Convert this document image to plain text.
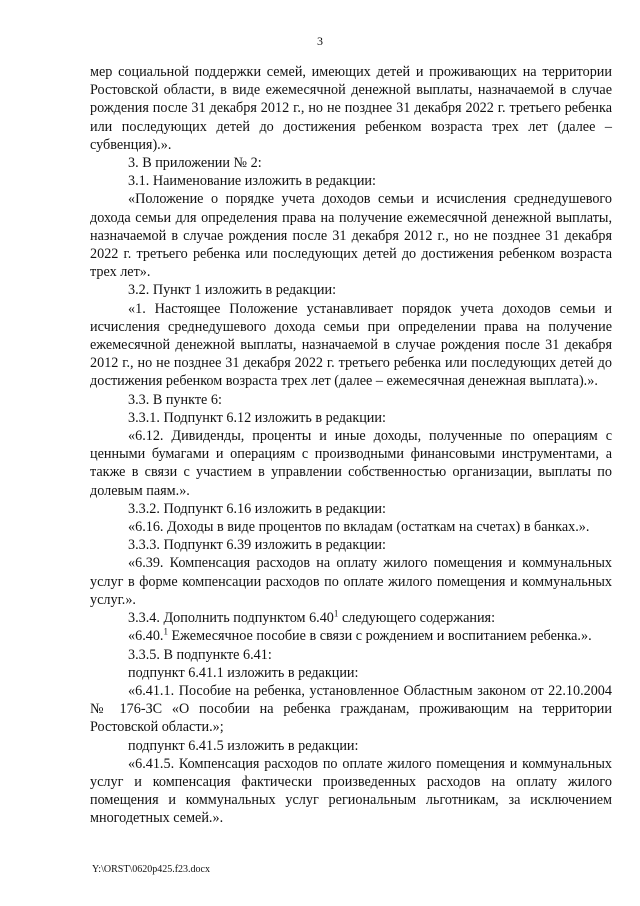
3

мер социальной поддержки семей, имеющих детей и проживающих на территории Ростовской области, в виде ежемесячной денежной выплаты, назначаемой в случае рождения после 31 декабря 2012 г., но не позднее 31 декабря 2022 г. третьего ребенка или последующих детей до достижения ребенком возраста трех лет (далее – субвенция).».

3. В приложении № 2:

3.1. Наименование изложить в редакции:

«Положение о порядке учета доходов семьи и исчисления среднедушевого дохода семьи для определения права на получение ежемесячной денежной выплаты, назначаемой в случае рождения после 31 декабря 2012 г., но не позднее 31 декабря 2022 г. третьего ребенка или последующих детей до достижения ребенком возраста трех лет».

3.2. Пункт 1 изложить в редакции:

«1. Настоящее Положение устанавливает порядок учета доходов семьи и исчисления среднедушевого дохода семьи при определении права на получение ежемесячной денежной выплаты, назначаемой в случае рождения после 31 декабря 2012 г., но не позднее 31 декабря 2022 г. третьего ребенка или последующих детей до достижения ребенком возраста трех лет (далее – ежемесячная денежная выплата).».

3.3. В пункте 6:

3.3.1. Подпункт 6.12 изложить в редакции:

«6.12. Дивиденды, проценты и иные доходы, полученные по операциям с ценными бумагами и операциям с производными финансовыми инструментами, а также в связи с участием в управлении собственностью организации, выплаты по долевым паям.».

3.3.2. Подпункт 6.16 изложить в редакции:

«6.16. Доходы в виде процентов по вкладам (остаткам на счетах) в банках.».

3.3.3. Подпункт 6.39 изложить в редакции:

«6.39. Компенсация расходов на оплату жилого помещения и коммунальных услуг в форме компенсации расходов по оплате жилого помещения и коммунальных услуг.».

3.3.4. Дополнить подпунктом 6.40$^1$ следующего содержания:

«6.40.$^1$ Ежемесячное пособие в связи с рождением и воспитанием ребенка.».

3.3.5. В подпункте 6.41:

подпункт 6.41.1 изложить в редакции:

«6.41.1. Пособие на ребенка, установленное Областным законом от 22.10.2004 № 176-ЗС «О пособии на ребенка гражданам, проживающим на территории Ростовской области.»;

подпункт 6.41.5 изложить в редакции:

«6.41.5. Компенсация расходов по оплате жилого помещения и коммунальных услуг и компенсация фактически произведенных расходов на оплату жилого помещения и коммунальных услуг региональным льготникам, за исключением многодетных семей.».

Y:\ORST\0620p425.f23.docx
